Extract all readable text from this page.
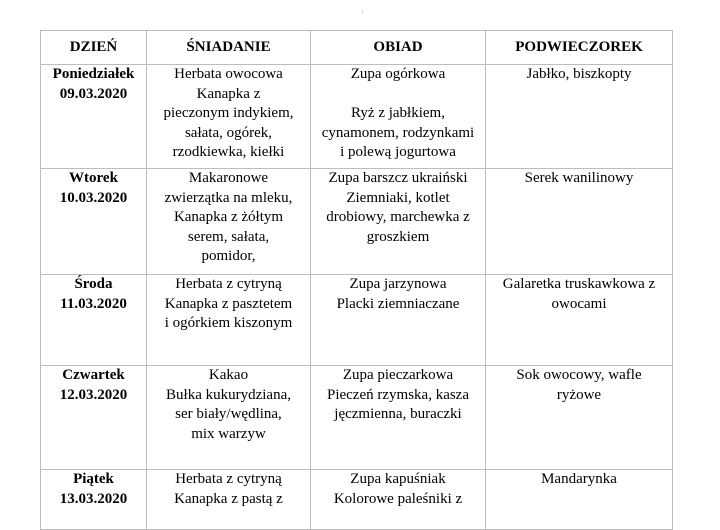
DZIEŃ	ŚNIADANIE	OBIAD	PODWIECZOREK

Poniedziałek
09.03.2020	Herbata owocowa
Kanapka z
pieczonym indykiem,
sałata, ogórek,
rzodkiewka, kiełki	Zupa ogórkowa
Ryż z jabłkiem,
cynamonem, rodzynkami
i polewą jogurtowa	Jabłko, biszkopty

Wtorek
10.03.2020	Makaronowe
zwierzątka na mleku,
Kanapka z żółtym
serem, sałata,
pomidor,	Zupa barszcz ukraiński
Ziemniaki, kotlet
drobiowy, marchewka z
groszkiem	Serek wanilinowy

Środa
11.03.2020	Herbata z cytryną
Kanapka z pasztetem
i ogórkiem kiszonym	Zupa jarzynowa
Placki ziemniaczane	Galaretka truskawkowa z
owocami

Czwartek
12.03.2020	Kakao
Bułka kukurydziana,
ser biały/wędlina,
mix warzyw	Zupa pieczarkowa
Pieczeń rzymska, kasza
jęczmienna, buraczki	Sok owocowy, wafle
ryżowe

Piątek
13.03.2020	Herbata z cytryną
Kanapka z pastą z	Zupa kapuśniak
Kolorowe paleśniki z	Mandarynka
